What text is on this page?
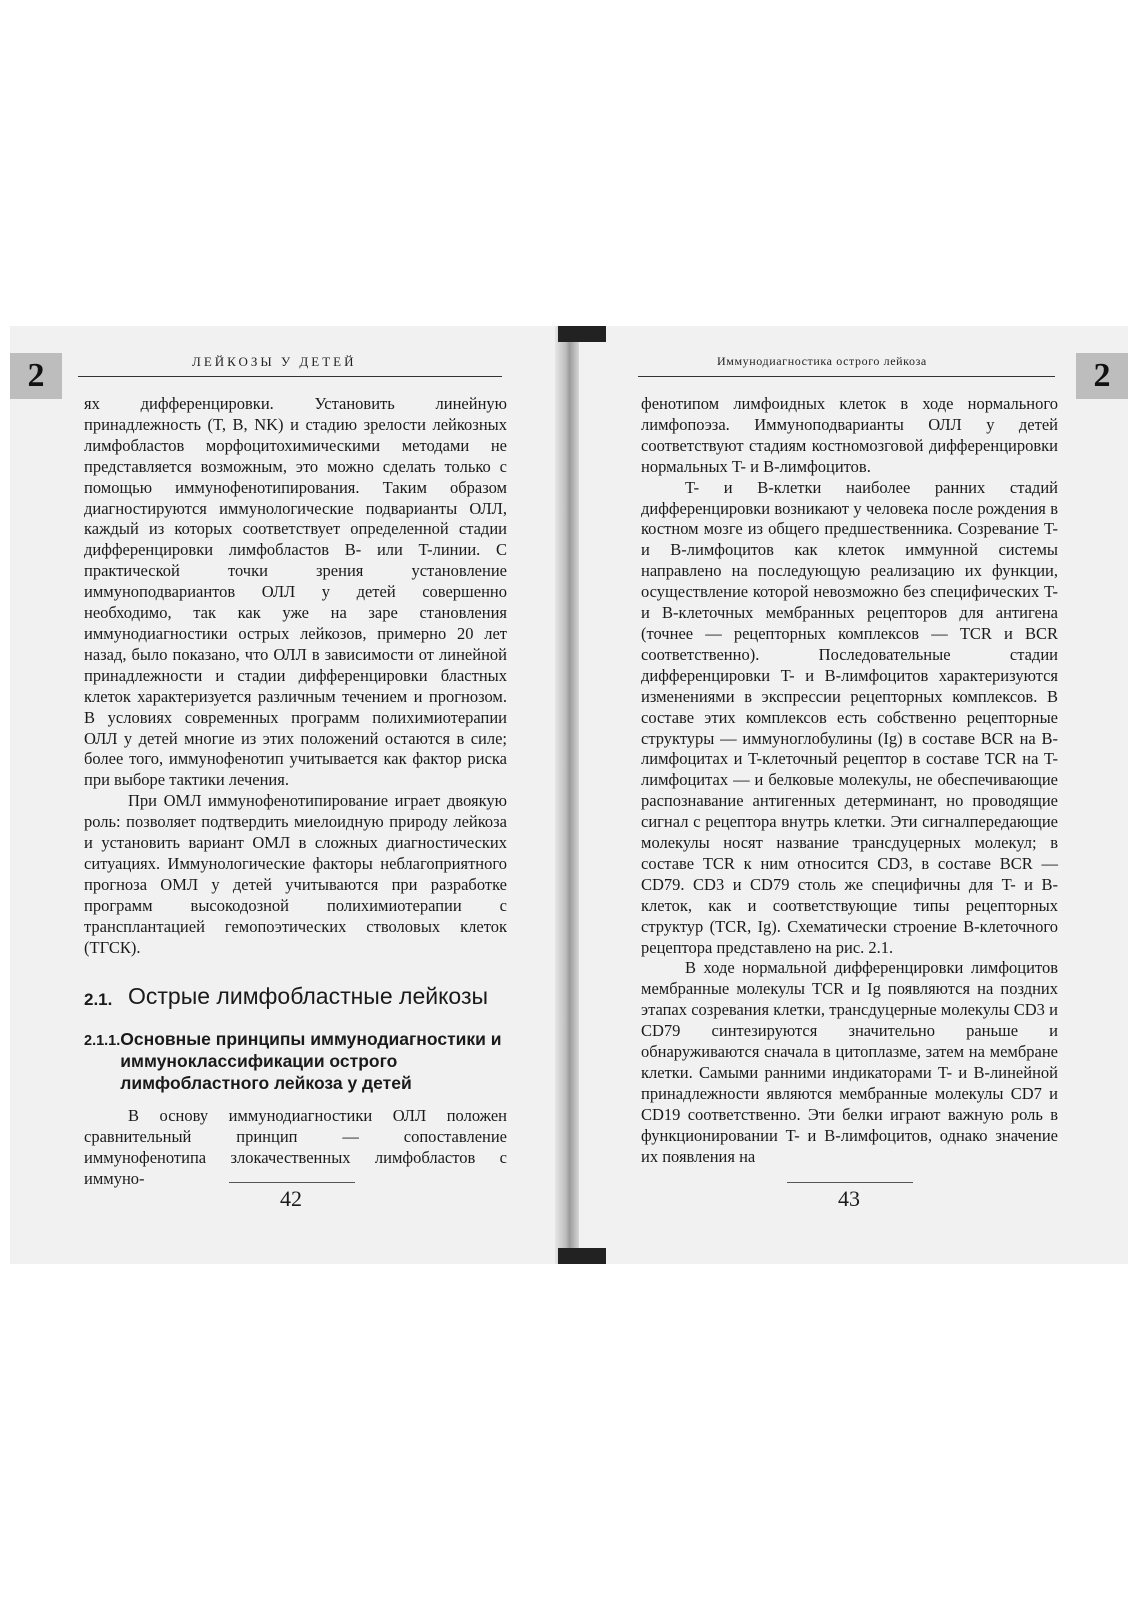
2	ЛЕЙКОЗЫ У ДЕТЕЙ

ях дифференцировки. Установить линейную принадлежность (T, B, NK) и стадию зрелости лейкозных лимфобластов морфоцитохимическими методами не представляется возможным, это можно сделать только с помощью иммунофенотипирования. Таким образом диагностируются иммунологические подварианты ОЛЛ, каждый из которых соответствует определенной стадии дифференцировки лимфобластов B- или T-линии. С практической точки зрения установление иммуноподвариантов ОЛЛ у детей совершенно необходимо, так как уже на заре становления иммунодиагностики острых лейкозов, примерно 20 лет назад, было показано, что ОЛЛ в зависимости от линейной принадлежности и стадии дифференцировки бластных клеток характеризуется различным течением и прогнозом. В условиях современных программ полихимиотерапии ОЛЛ у детей многие из этих положений остаются в силе; более того, иммунофенотип учитывается как фактор риска при выборе тактики лечения.

При ОМЛ иммунофенотипирование играет двоякую роль: позволяет подтвердить миелоидную природу лейкоза и установить вариант ОМЛ в сложных диагностических ситуациях. Иммунологические факторы неблагоприятного прогноза ОМЛ у детей учитываются при разработке программ высокодозной полихимиотерапии с трансплантацией гемопоэтических стволовых клеток (ТГСК).

2.1. Острые лимфобластные лейкозы
2.1.1. Основные принципы иммунодиагностики и иммуноклассификации острого лимфобластного лейкоза у детей

В основу иммунодиагностики ОЛЛ положен сравнительный принцип — сопоставление иммунофенотипа злокачественных лимфобластов с иммуно-

42
2
Иммунодиагностика острого лейкоза

фенотипом лимфоидных клеток в ходе нормального лимфопоэза. Иммуноподварианты ОЛЛ у детей соответствуют стадиям костномозговой дифференцировки нормальных T- и B-лимфоцитов.

T- и B-клетки наиболее ранних стадий дифференцировки возникают у человека после рождения в костном мозге из общего предшественника. Созревание T- и B-лимфоцитов как клеток иммунной системы направлено на последующую реализацию их функции, осуществление которой невозможно без специфических T- и B-клеточных мембранных рецепторов для антигена (точнее — рецепторных комплексов — TCR и BCR соответственно). Последовательные стадии дифференцировки T- и B-лимфоцитов характеризуются изменениями в экспрессии рецепторных комплексов. В составе этих комплексов есть собственно рецепторные структуры — иммуноглобулины (Ig) в составе BCR на B-лимфоцитах и T-клеточный рецептор в составе TCR на T-лимфоцитах — и белковые молекулы, не обеспечивающие распознавание антигенных детерминант, но проводящие сигнал с рецептора внутрь клетки. Эти сигналпередающие молекулы носят название трансдуцерных молекул; в составе TCR к ним относится CD3, в составе BCR — CD79. CD3 и CD79 столь же специфичны для T- и B-клеток, как и соответствующие типы рецепторных структур (TCR, Ig). Схематически строение B-клеточного рецептора представлено на рис. 2.1.

В ходе нормальной дифференцировки лимфоцитов мембранные молекулы TCR и Ig появляются на поздних этапах созревания клетки, трансдуцерные молекулы CD3 и CD79 синтезируются значительно раньше и обнаруживаются сначала в цитоплазме, затем на мембране клетки. Самыми ранними индикаторами T- и B-линейной принадлежности являются мембранные молекулы CD7 и CD19 соответственно. Эти белки играют важную роль в функционировании T- и B-лимфоцитов, однако значение их появления на

43
